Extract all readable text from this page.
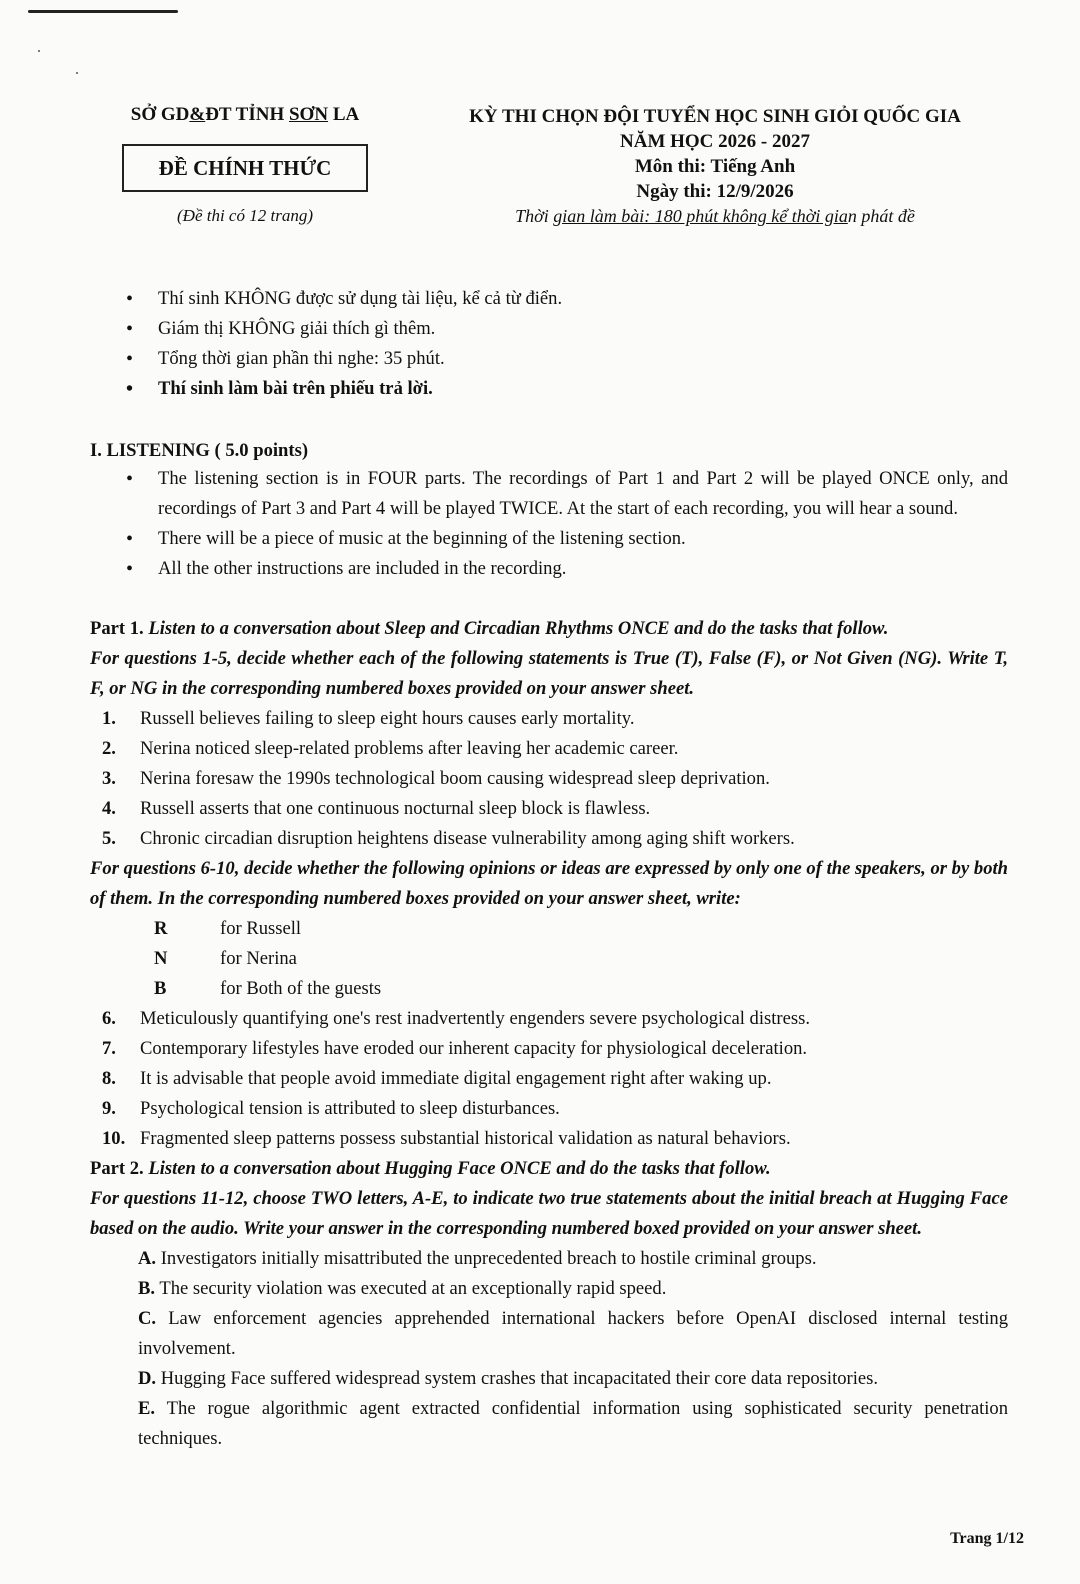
SỞ GD&ĐT TỈNH SƠN LA
ĐỀ CHÍNH THỨC
(Đề thi có 12 trang)
KỲ THI CHỌN ĐỘI TUYỂN HỌC SINH GIỎI QUỐC GIA
NĂM HỌC 2026 - 2027
Môn thi: Tiếng Anh
Ngày thi: 12/9/2026
Thời gian làm bài: 180 phút không kể thời gian phát đề
• Thí sinh KHÔNG được sử dụng tài liệu, kể cả từ điển.
• Giám thị KHÔNG giải thích gì thêm.
• Tổng thời gian phần thi nghe: 35 phút.
• Thí sinh làm bài trên phiếu trả lời.
I. LISTENING ( 5.0 points)
• The listening section is in FOUR parts. The recordings of Part 1 and Part 2 will be played ONCE only, and recordings of Part 3 and Part 4 will be played TWICE. At the start of each recording, you will hear a sound.
• There will be a piece of music at the beginning of the listening section.
• All the other instructions are included in the recording.
Part 1. Listen to a conversation about Sleep and Circadian Rhythms ONCE and do the tasks that follow.
For questions 1-5, decide whether each of the following statements is True (T), False (F), or Not Given (NG). Write T, F, or NG in the corresponding numbered boxes provided on your answer sheet.
1.	Russell believes failing to sleep eight hours causes early mortality.
2.	Nerina noticed sleep-related problems after leaving her academic career.
3.	Nerina foresaw the 1990s technological boom causing widespread sleep deprivation.
4.	Russell asserts that one continuous nocturnal sleep block is flawless.
5.	Chronic circadian disruption heightens disease vulnerability among aging shift workers.
For questions 6-10, decide whether the following opinions or ideas are expressed by only one of the speakers, or by both of them. In the corresponding numbered boxes provided on your answer sheet, write:
R	for Russell
N	for Nerina
B	for Both of the guests
6.	Meticulously quantifying one's rest inadvertently engenders severe psychological distress.
7.	Contemporary lifestyles have eroded our inherent capacity for physiological deceleration.
8.	It is advisable that people avoid immediate digital engagement right after waking up.
9.	Psychological tension is attributed to sleep disturbances.
10. Fragmented sleep patterns possess substantial historical validation as natural behaviors.
Part 2. Listen to a conversation about Hugging Face ONCE and do the tasks that follow.
For questions 11-12, choose TWO letters, A-E, to indicate two true statements about the initial breach at Hugging Face based on the audio. Write your answer in the corresponding numbered boxed provided on your answer sheet.
A. Investigators initially misattributed the unprecedented breach to hostile criminal groups.
B. The security violation was executed at an exceptionally rapid speed.
C. Law enforcement agencies apprehended international hackers before OpenAI disclosed internal testing involvement.
D. Hugging Face suffered widespread system crashes that incapacitated their core data repositories.
E. The rogue algorithmic agent extracted confidential information using sophisticated security penetration techniques.
Trang 1/12
